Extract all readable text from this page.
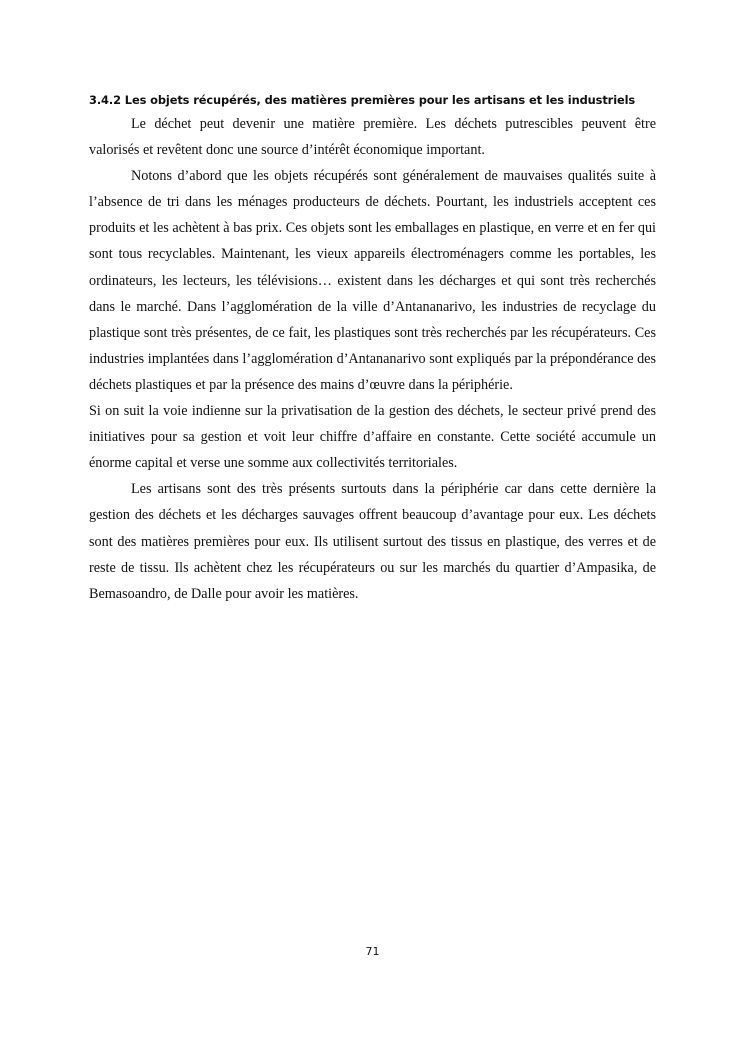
3.4.2 Les objets récupérés, des matières premières pour les artisans et les industriels

Le déchet peut devenir une matière première. Les déchets putrescibles peuvent être valorisés et revêtent donc une source d’intérêt économique important.

Notons d’abord que les objets récupérés sont généralement de mauvaises qualités suite à l’absence de tri dans les ménages producteurs de déchets. Pourtant, les industriels acceptent ces produits et les achètent à bas prix. Ces objets sont les emballages en plastique, en verre et en fer qui sont tous recyclables. Maintenant, les vieux appareils électroménagers comme les portables, les ordinateurs, les lecteurs, les télévisions… existent dans les décharges et qui sont très recherchés dans le marché. Dans l’agglomération de la ville d’Antananarivo, les industries de recyclage du plastique sont très présentes, de ce fait, les plastiques sont très recherchés par les récupérateurs. Ces industries implantées dans l’agglomération d’Antananarivo sont expliqués par la prépondérance des déchets plastiques et par la présence des mains d’œuvre dans la périphérie.

Si on suit la voie indienne sur la privatisation de la gestion des déchets, le secteur privé prend des initiatives pour sa gestion et voit leur chiffre d’affaire en constante. Cette société accumule un énorme capital et verse une somme aux collectivités territoriales.

Les artisans sont des très présents surtouts dans la périphérie car dans cette dernière la gestion des déchets et les décharges sauvages offrent beaucoup d’avantage pour eux. Les déchets sont des matières premières pour eux. Ils utilisent surtout des tissus en plastique, des verres et de reste de tissu. Ils achètent chez les récupérateurs ou sur les marchés du quartier d’Ampasika, de Bemasoandro, de Dalle pour avoir les matières.

71
